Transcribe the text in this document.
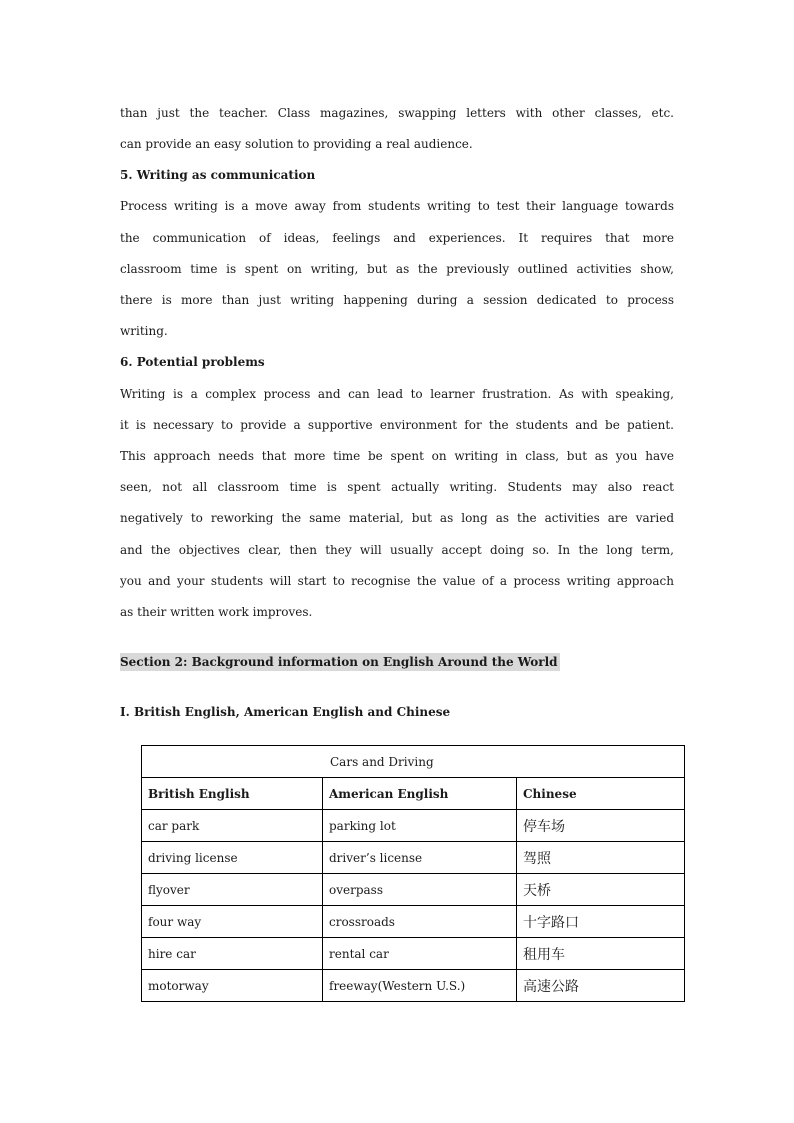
than just the teacher. Class magazines, swapping letters with other classes, etc.
can provide an easy solution to providing a real audience.
5. Writing as communication
Process writing is a move away from students writing to test their language towards
the communication of ideas, feelings and experiences. It requires that more
classroom time is spent on writing, but as the previously outlined activities show,
there is more than just writing happening during a session dedicated to process
writing.
6. Potential problems
Writing is a complex process and can lead to learner frustration. As with speaking,
it is necessary to provide a supportive environment for the students and be patient.
This approach needs that more time be spent on writing in class, but as you have
seen, not all classroom time is spent actually writing. Students may also react
negatively to reworking the same material, but as long as the activities are varied
and the objectives clear, then they will usually accept doing so. In the long term,
you and your students will start to recognise the value of a process writing approach
as their written work improves.
Section 2: Background information on English Around the World
I. British English, American English and Chinese
Cars and Driving		
British English	American English	Chinese
car park	parking lot	停车场
driving license	driver’s license	驾照
flyover	overpass	天桥
four way	crossroads	十字路口
hire car	rental car	租用车
motorway	freeway(Western U.S.)	高速公路
